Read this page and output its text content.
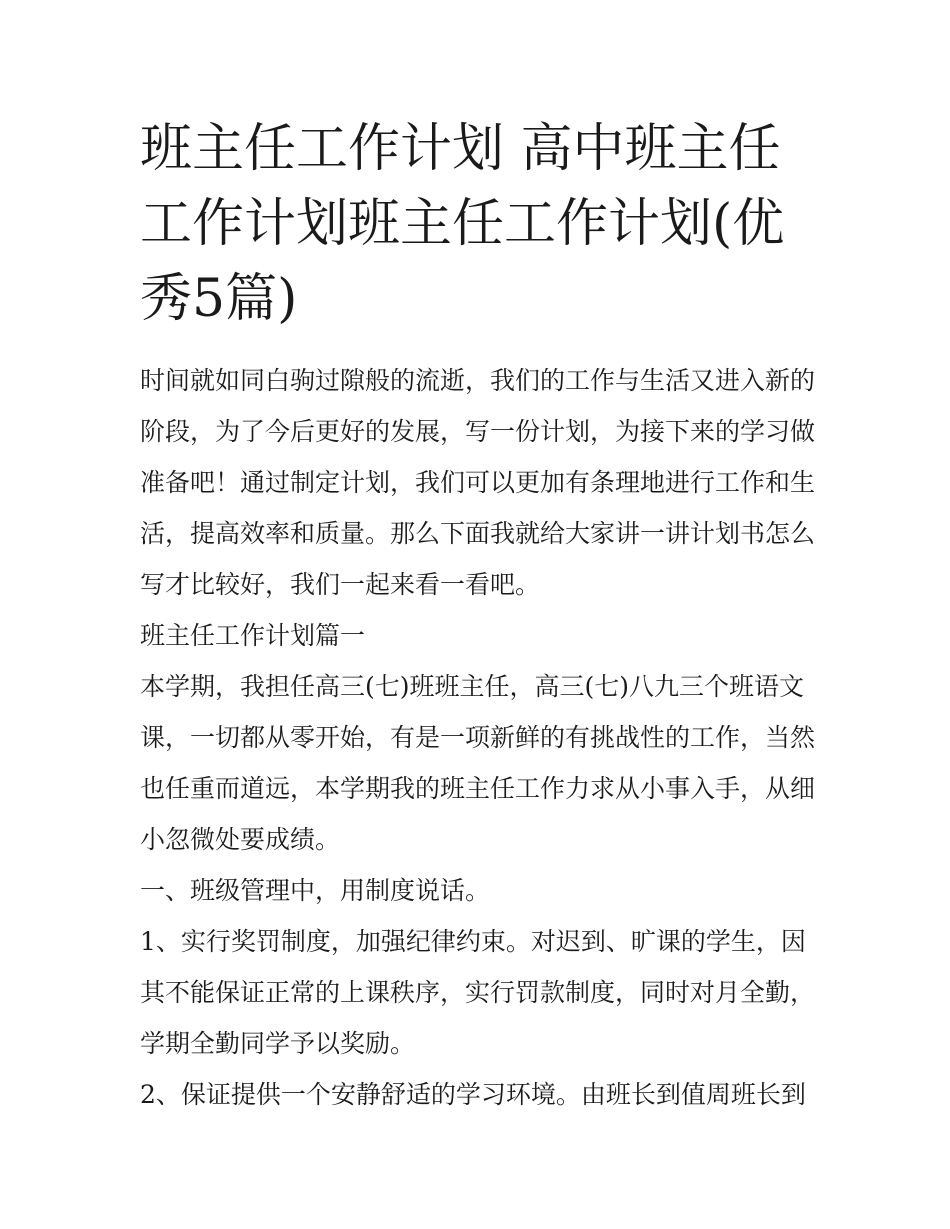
班主任工作计划 高中班主任工作计划班主任工作计划(优秀5篇)

时间就如同白驹过隙般的流逝，我们的工作与生活又进入新的阶段，为了今后更好的发展，写一份计划，为接下来的学习做准备吧！通过制定计划，我们可以更加有条理地进行工作和生活，提高效率和质量。那么下面我就给大家讲一讲计划书怎么写才比较好，我们一起来看一看吧。

班主任工作计划篇一

本学期，我担任高三(七)班班主任，高三(七)八九三个班语文课，一切都从零开始，有是一项新鲜的有挑战性的工作，当然也任重而道远，本学期我的班主任工作力求从小事入手，从细小忽微处要成绩。

一、班级管理中，用制度说话。

1、实行奖罚制度，加强纪律约束。对迟到、旷课的学生，因其不能保证正常的上课秩序，实行罚款制度，同时对月全勤，学期全勤同学予以奖励。

2、保证提供一个安静舒适的学习环境。由班长到值周班长到
